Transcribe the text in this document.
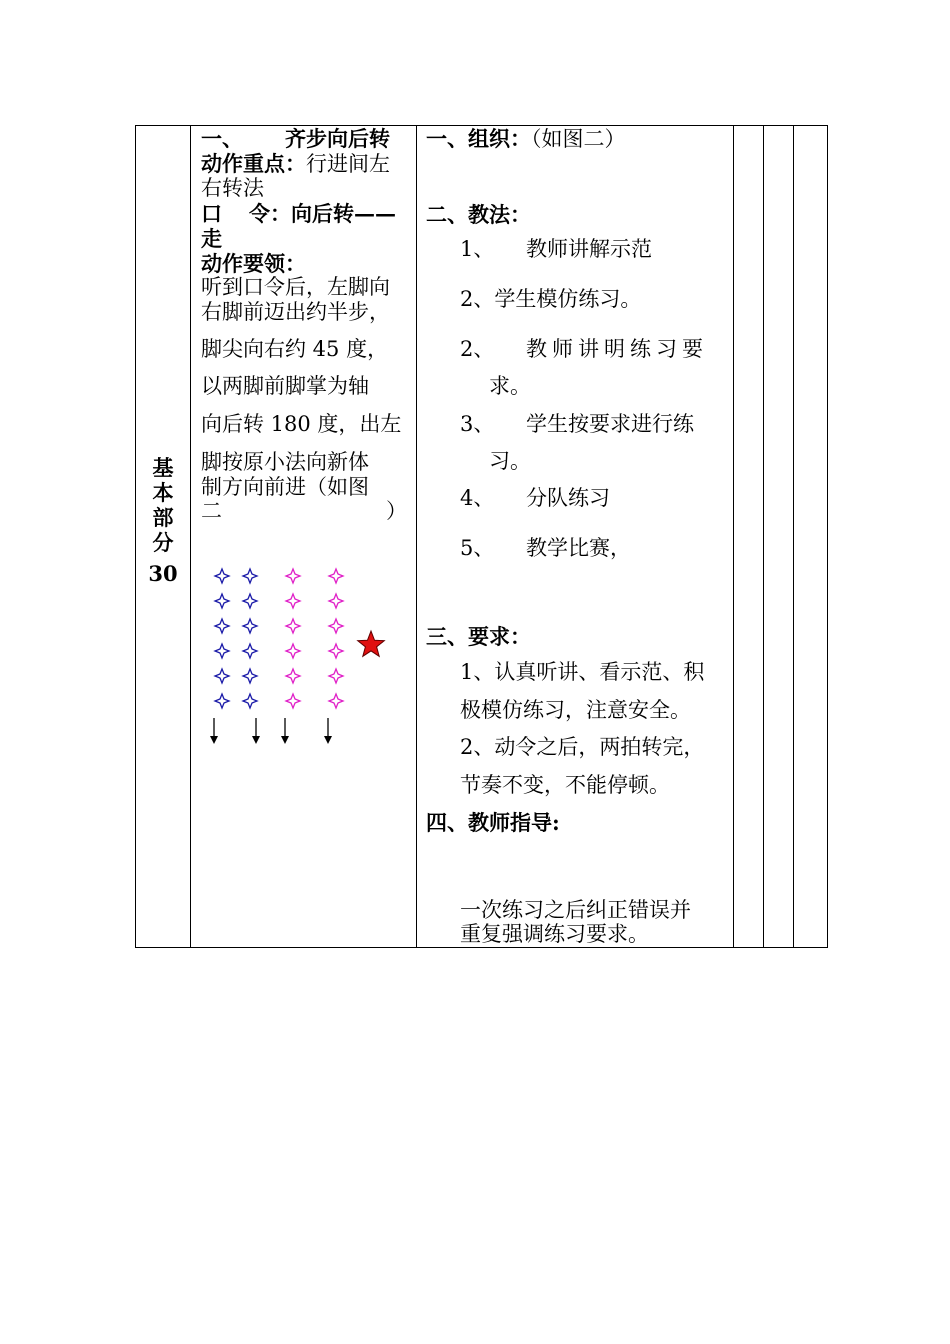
基
本
部
分
30
一、 齐步向后转
动作重点：行进间左
右转法
口 令：向后转——
走
动作要领：
听到口令后，左脚向
右脚前迈出约半步，
脚尖向右约 45 度，
以两脚前脚掌为轴
向后转 180 度，出左
脚按原小法向新体
制方向前进（如图
二	）
一、组织：（如图二）
二、教法：
1、 教师讲解示范
2、学生模仿练习。
2、 教师讲明练习要
求。
3、 学生按要求进行练
习。
4、 分队练习
5、 教学比赛，
三、要求：
1、认真听讲、看示范、积
极模仿练习，注意安全。
2、动令之后，两拍转完，
节奏不变，不能停顿。
四、教师指导:
一次练习之后纠正错误并
重复强调练习要求。
